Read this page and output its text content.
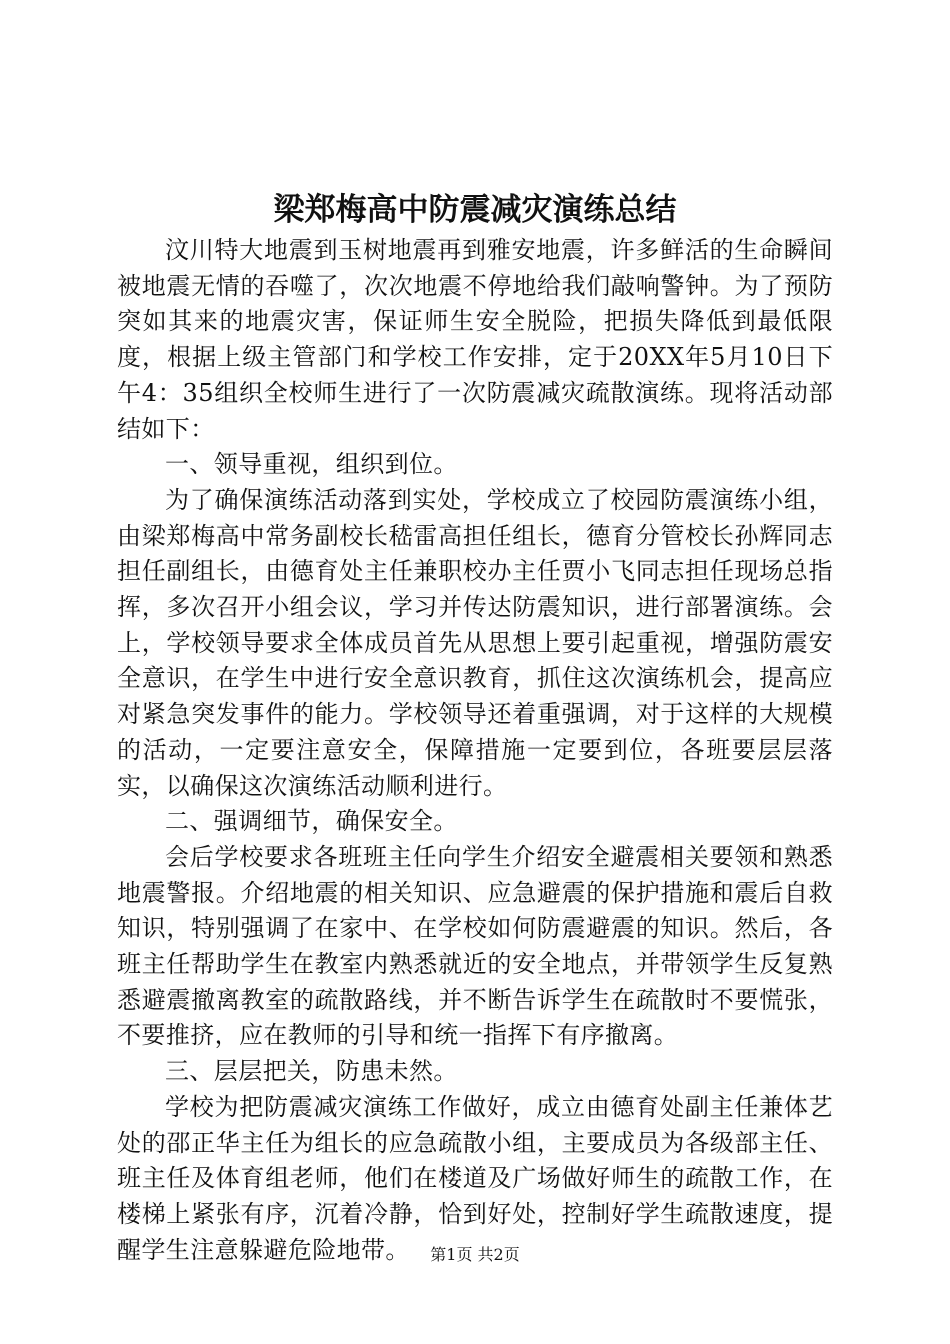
梁郑梅高中防震减灾演练总结

汶川特大地震到玉树地震再到雅安地震，许多鲜活的生命瞬间被地震无情的吞噬了，次次地震不停地给我们敲响警钟。为了预防突如其来的地震灾害，保证师生安全脱险，把损失降低到最低限度，根据上级主管部门和学校工作安排，定于20XX年5月10日下午4：35组织全校师生进行了一次防震减灾疏散演练。现将活动部结如下：

一、领导重视，组织到位。

为了确保演练活动落到实处，学校成立了校园防震演练小组，由梁郑梅高中常务副校长嵇雷高担任组长，德育分管校长孙辉同志担任副组长，由德育处主任兼职校办主任贾小飞同志担任现场总指挥，多次召开小组会议，学习并传达防震知识，进行部署演练。会上，学校领导要求全体成员首先从思想上要引起重视，增强防震安全意识，在学生中进行安全意识教育，抓住这次演练机会，提高应对紧急突发事件的能力。学校领导还着重强调，对于这样的大规模的活动，一定要注意安全，保障措施一定要到位，各班要层层落实，以确保这次演练活动顺利进行。

二、强调细节，确保安全。

会后学校要求各班班主任向学生介绍安全避震相关要领和熟悉地震警报。介绍地震的相关知识、应急避震的保护措施和震后自救知识，特别强调了在家中、在学校如何防震避震的知识。然后，各班主任帮助学生在教室内熟悉就近的安全地点，并带领学生反复熟悉避震撤离教室的疏散路线，并不断告诉学生在疏散时不要慌张，不要推挤，应在教师的引导和统一指挥下有序撤离。

三、层层把关，防患未然。

学校为把防震减灾演练工作做好，成立由德育处副主任兼体艺处的邵正华主任为组长的应急疏散小组，主要成员为各级部主任、班主任及体育组老师，他们在楼道及广场做好师生的疏散工作，在楼梯上紧张有序，沉着冷静，恰到好处，控制好学生疏散速度，提醒学生注意躲避危险地带。	第1页 共2页
